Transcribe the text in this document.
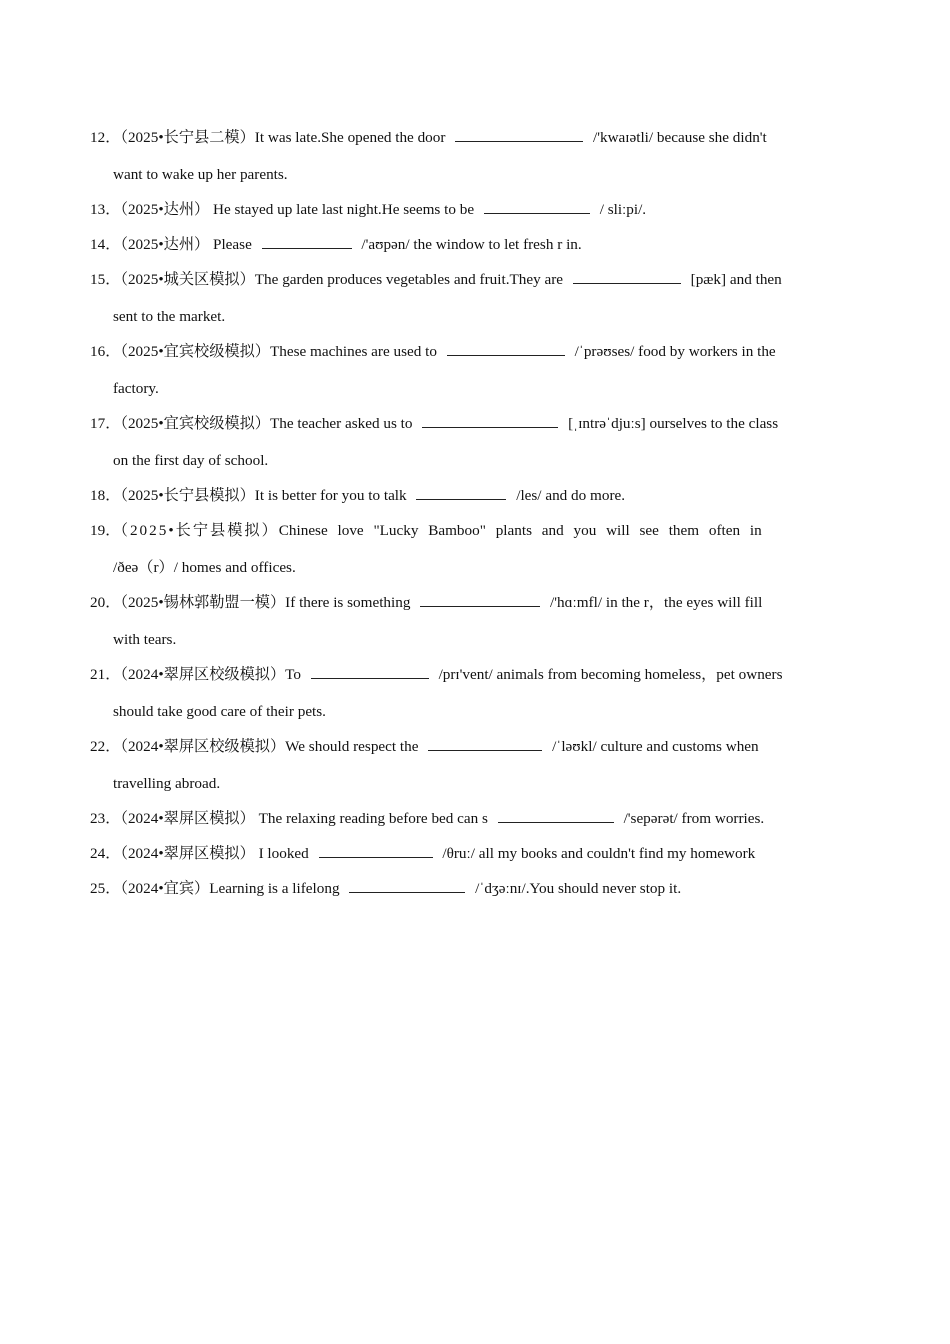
12．（2025•长宁县二模）It was late.She opened the door	/'kwaɪətli/ because she didn't
want to wake up her parents.
13．（2025•达州） He stayed up late last night.He seems to be	/ sliːpi/.
14．（2025•达州） Please	/'aʊpən/ the window to let fresh r in.
15．（2025•城关区模拟）The garden produces vegetables and fruit.They are	[pæk] and then
sent to the market.
16．（2025•宜宾校级模拟）These machines are used to	/ˈprəʊses/ food by workers in the
factory.
17．（2025•宜宾校级模拟）The teacher asked us to	[ˌɪntrəˈdjuːs] ourselves to the class
on the first day of school.
18．（2025•长宁县模拟）It is better for you to talk	/les/ and do more.
19．（2025•长宁县模拟）Chinese love "Lucky Bamboo" plants and you will see them often in
/ðeə（r）/ homes and offices.
20．（2025•锡林郭勒盟一模）If there is something	/'hɑːmfl/ in the r，the eyes will fill
with tears.
21．（2024•翠屏区校级模拟）To	/prɪ'vent/ animals from becoming homeless，pet owners
should take good care of their pets.
22．（2024•翠屏区校级模拟）We should respect the	/ˈləʊkl/ culture and customs when
travelling abroad.
23．（2024•翠屏区模拟） The relaxing reading before bed can s	/'sepərət/ from worries.
24．（2024•翠屏区模拟） I looked	/θruː/ all my books and couldn't find my homework
25．（2024•宜宾）Learning is a lifelong	/ˈdʒəːnɪ/.You should never stop it.
